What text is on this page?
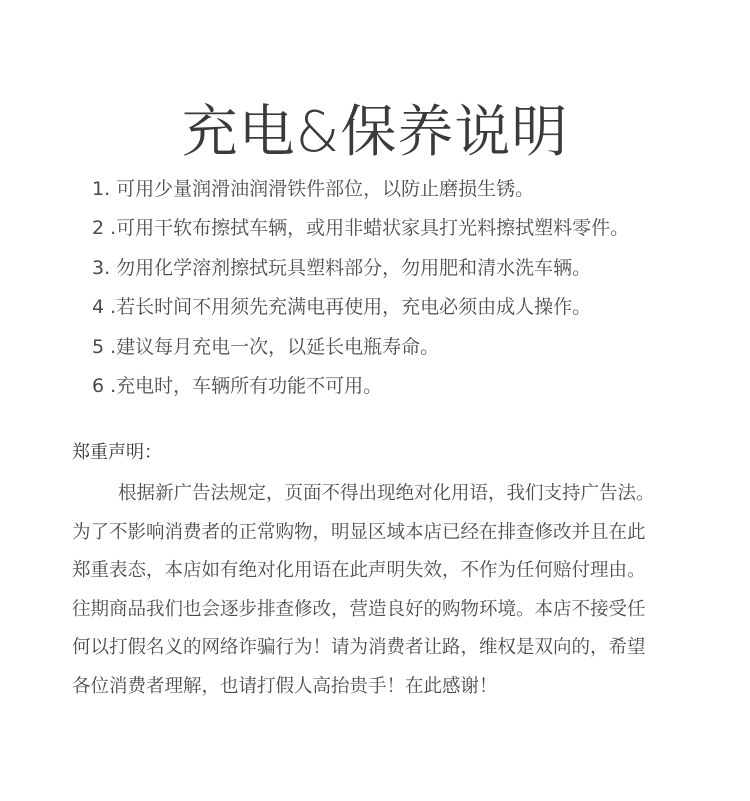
充电&保养说明
1. 可用少量润滑油润滑铁件部位，以防止磨损生锈。
2 .可用干软布擦拭车辆，或用非蜡状家具打光料擦拭塑料零件。
3. 勿用化学溶剂擦拭玩具塑料部分，勿用肥和清水洗车辆。
4 .若长时间不用须先充满电再使用，充电必须由成人操作。
5 .建议每月充电一次，以延长电瓶寿命。
6 .充电时，车辆所有功能不可用。
郑重声明：
根据新广告法规定，页面不得出现绝对化用语，我们支持广告法。
为了不影响消费者的正常购物，明显区域本店已经在排查修改并且在此
郑重表态，本店如有绝对化用语在此声明失效，不作为任何赔付理由。
往期商品我们也会逐步排查修改，营造良好的购物环境。本店不接受任
何以打假名义的网络诈骗行为！请为消费者让路，维权是双向的，希望
各位消费者理解，也请打假人高抬贵手！在此感谢！
